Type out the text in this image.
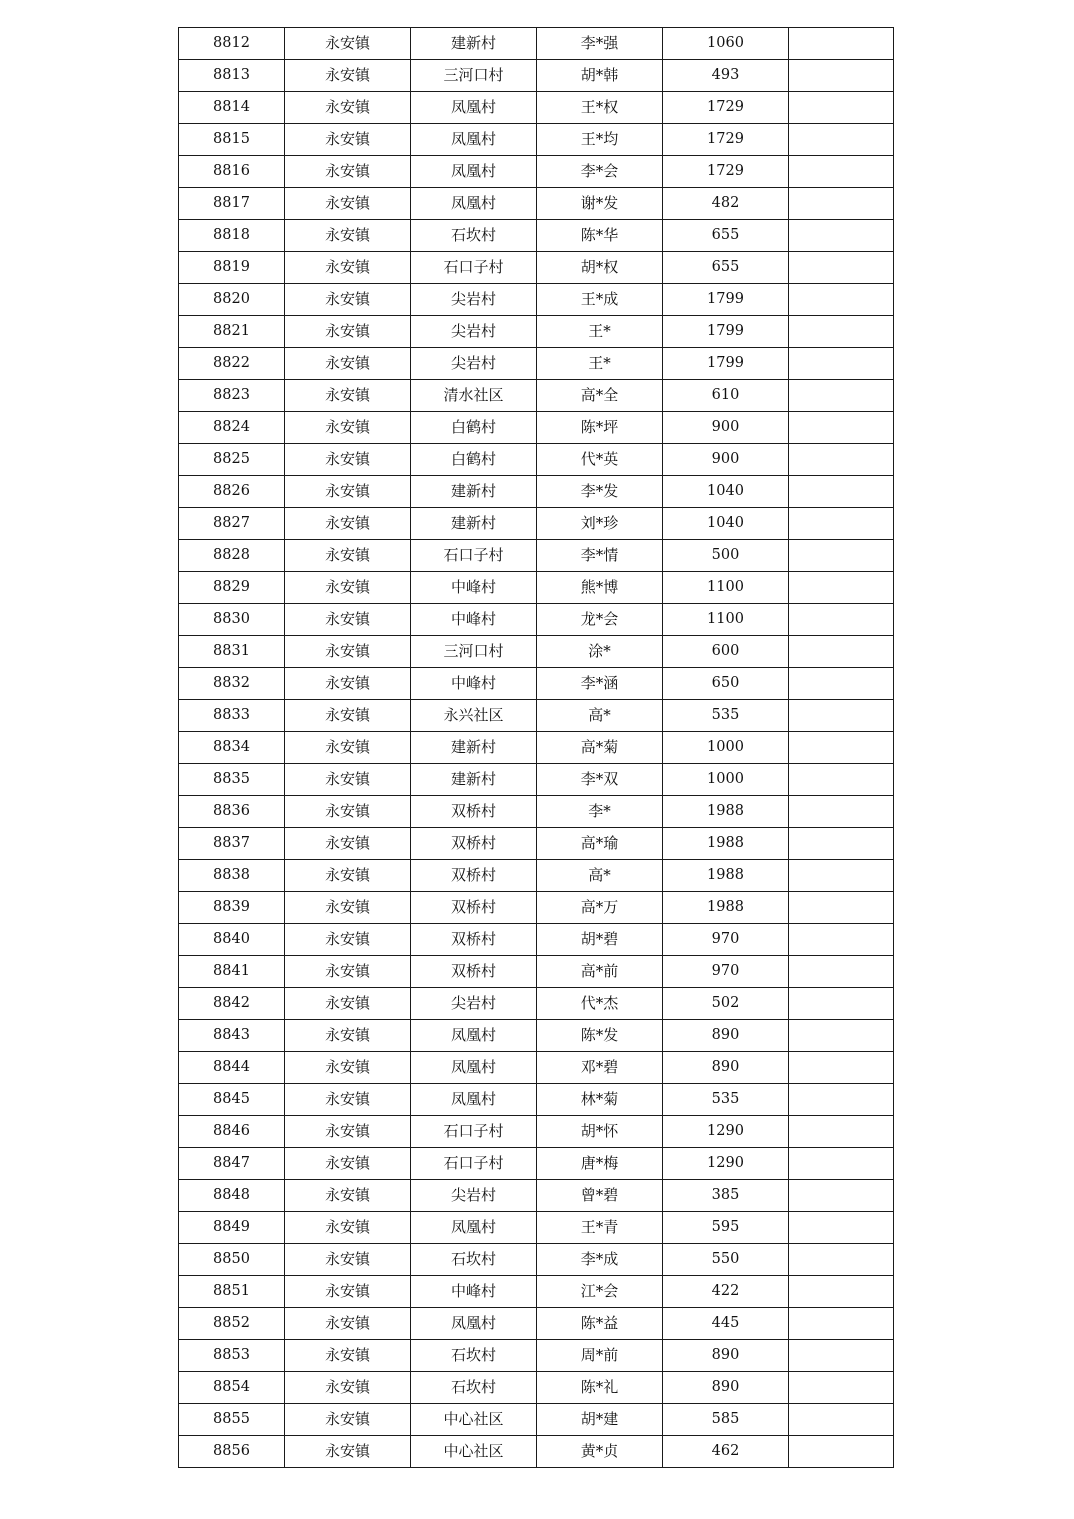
8812	永安镇	建新村	李*强	1060	
8813	永安镇	三河口村	胡*韩	493	
8814	永安镇	凤凰村	王*权	1729	
8815	永安镇	凤凰村	王*均	1729	
8816	永安镇	凤凰村	李*会	1729	
8817	永安镇	凤凰村	谢*发	482	
8818	永安镇	石坎村	陈*华	655	
8819	永安镇	石口子村	胡*权	655	
8820	永安镇	尖岩村	王*成	1799	
8821	永安镇	尖岩村	王*	1799	
8822	永安镇	尖岩村	王*	1799	
8823	永安镇	清水社区	高*全	610	
8824	永安镇	白鹤村	陈*坪	900	
8825	永安镇	白鹤村	代*英	900	
8826	永安镇	建新村	李*发	1040	
8827	永安镇	建新村	刘*珍	1040	
8828	永安镇	石口子村	李*情	500	
8829	永安镇	中峰村	熊*博	1100	
8830	永安镇	中峰村	龙*会	1100	
8831	永安镇	三河口村	涂*	600	
8832	永安镇	中峰村	李*涵	650	
8833	永安镇	永兴社区	高*	535	
8834	永安镇	建新村	高*菊	1000	
8835	永安镇	建新村	李*双	1000	
8836	永安镇	双桥村	李*	1988	
8837	永安镇	双桥村	高*瑜	1988	
8838	永安镇	双桥村	高*	1988	
8839	永安镇	双桥村	高*万	1988	
8840	永安镇	双桥村	胡*碧	970	
8841	永安镇	双桥村	高*前	970	
8842	永安镇	尖岩村	代*杰	502	
8843	永安镇	凤凰村	陈*发	890	
8844	永安镇	凤凰村	邓*碧	890	
8845	永安镇	凤凰村	林*菊	535	
8846	永安镇	石口子村	胡*怀	1290	
8847	永安镇	石口子村	唐*梅	1290	
8848	永安镇	尖岩村	曾*碧	385	
8849	永安镇	凤凰村	王*青	595	
8850	永安镇	石坎村	李*成	550	
8851	永安镇	中峰村	江*会	422	
8852	永安镇	凤凰村	陈*益	445	
8853	永安镇	石坎村	周*前	890	
8854	永安镇	石坎村	陈*礼	890	
8855	永安镇	中心社区	胡*建	585	
8856	永安镇	中心社区	黄*贞	462	
